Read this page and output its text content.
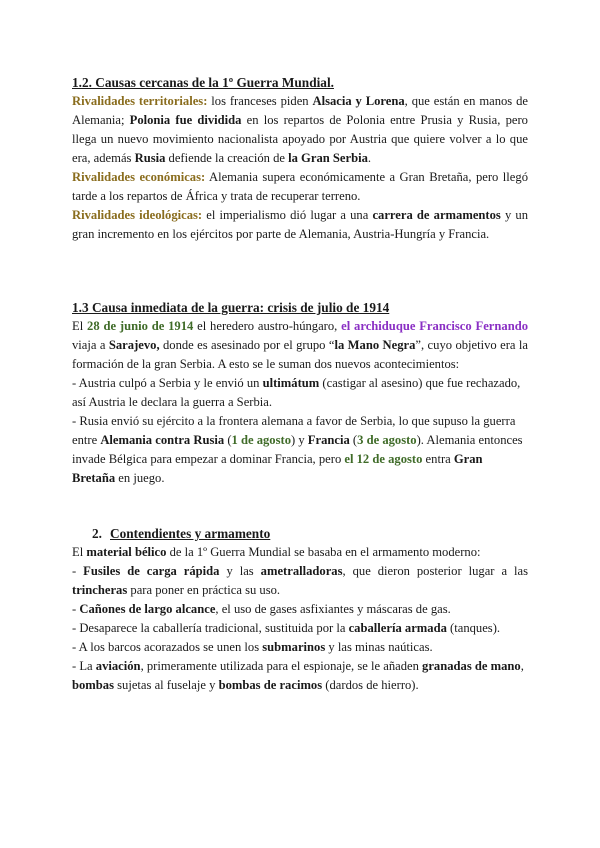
1.2. Causas cercanas de la 1º Guerra Mundial.

Rivalidades territoriales: los franceses piden Alsacia y Lorena, que están en manos de Alemania; Polonia fue dividida en los repartos de Polonia entre Prusia y Rusia, pero llega un nuevo movimiento nacionalista apoyado por Austria que quiere volver a lo que era, además Rusia defiende la creación de la Gran Serbia.

Rivalidades económicas: Alemania supera económicamente a Gran Bretaña, pero llegó tarde a los repartos de África y trata de recuperar terreno.

Rivalidades ideológicas: el imperialismo dió lugar a una carrera de armamentos y un gran incremento en los ejércitos por parte de Alemania, Austria-Hungría y Francia.

1.3 Causa inmediata de la guerra: crisis de julio de 1914

El 28 de junio de 1914 el heredero austro-húngaro, el archiduque Francisco Fernando viaja a Sarajevo, donde es asesinado por el grupo “la Mano Negra”, cuyo objetivo era la formación de la gran Serbia. A esto se le suman dos nuevos acontecimientos:

- Austria culpó a Serbia y le envió un ultimátum (castigar al asesino) que fue rechazado, así Austria le declara la guerra a Serbia.

- Rusia envió su ejército a la frontera alemana a favor de Serbia, lo que supuso la guerra entre Alemania contra Rusia (1 de agosto) y Francia (3 de agosto). Alemania entonces invade Bélgica para empezar a dominar Francia, pero el 12 de agosto entra Gran Bretaña en juego.

2. Contendientes y armamento

El material bélico de la 1º Guerra Mundial se basaba en el armamento moderno:

- Fusiles de carga rápida y las ametralladoras, que dieron posterior lugar a las trincheras para poner en práctica su uso.

- Cañones de largo alcance, el uso de gases asfixiantes y máscaras de gas.

- Desaparece la caballería tradicional, sustituida por la caballería armada (tanques).

- A los barcos acorazados se unen los submarinos y las minas naúticas.

- La aviación, primeramente utilizada para el espionaje, se le añaden granadas de mano, bombas sujetas al fuselaje y bombas de racimos (dardos de hierro).
